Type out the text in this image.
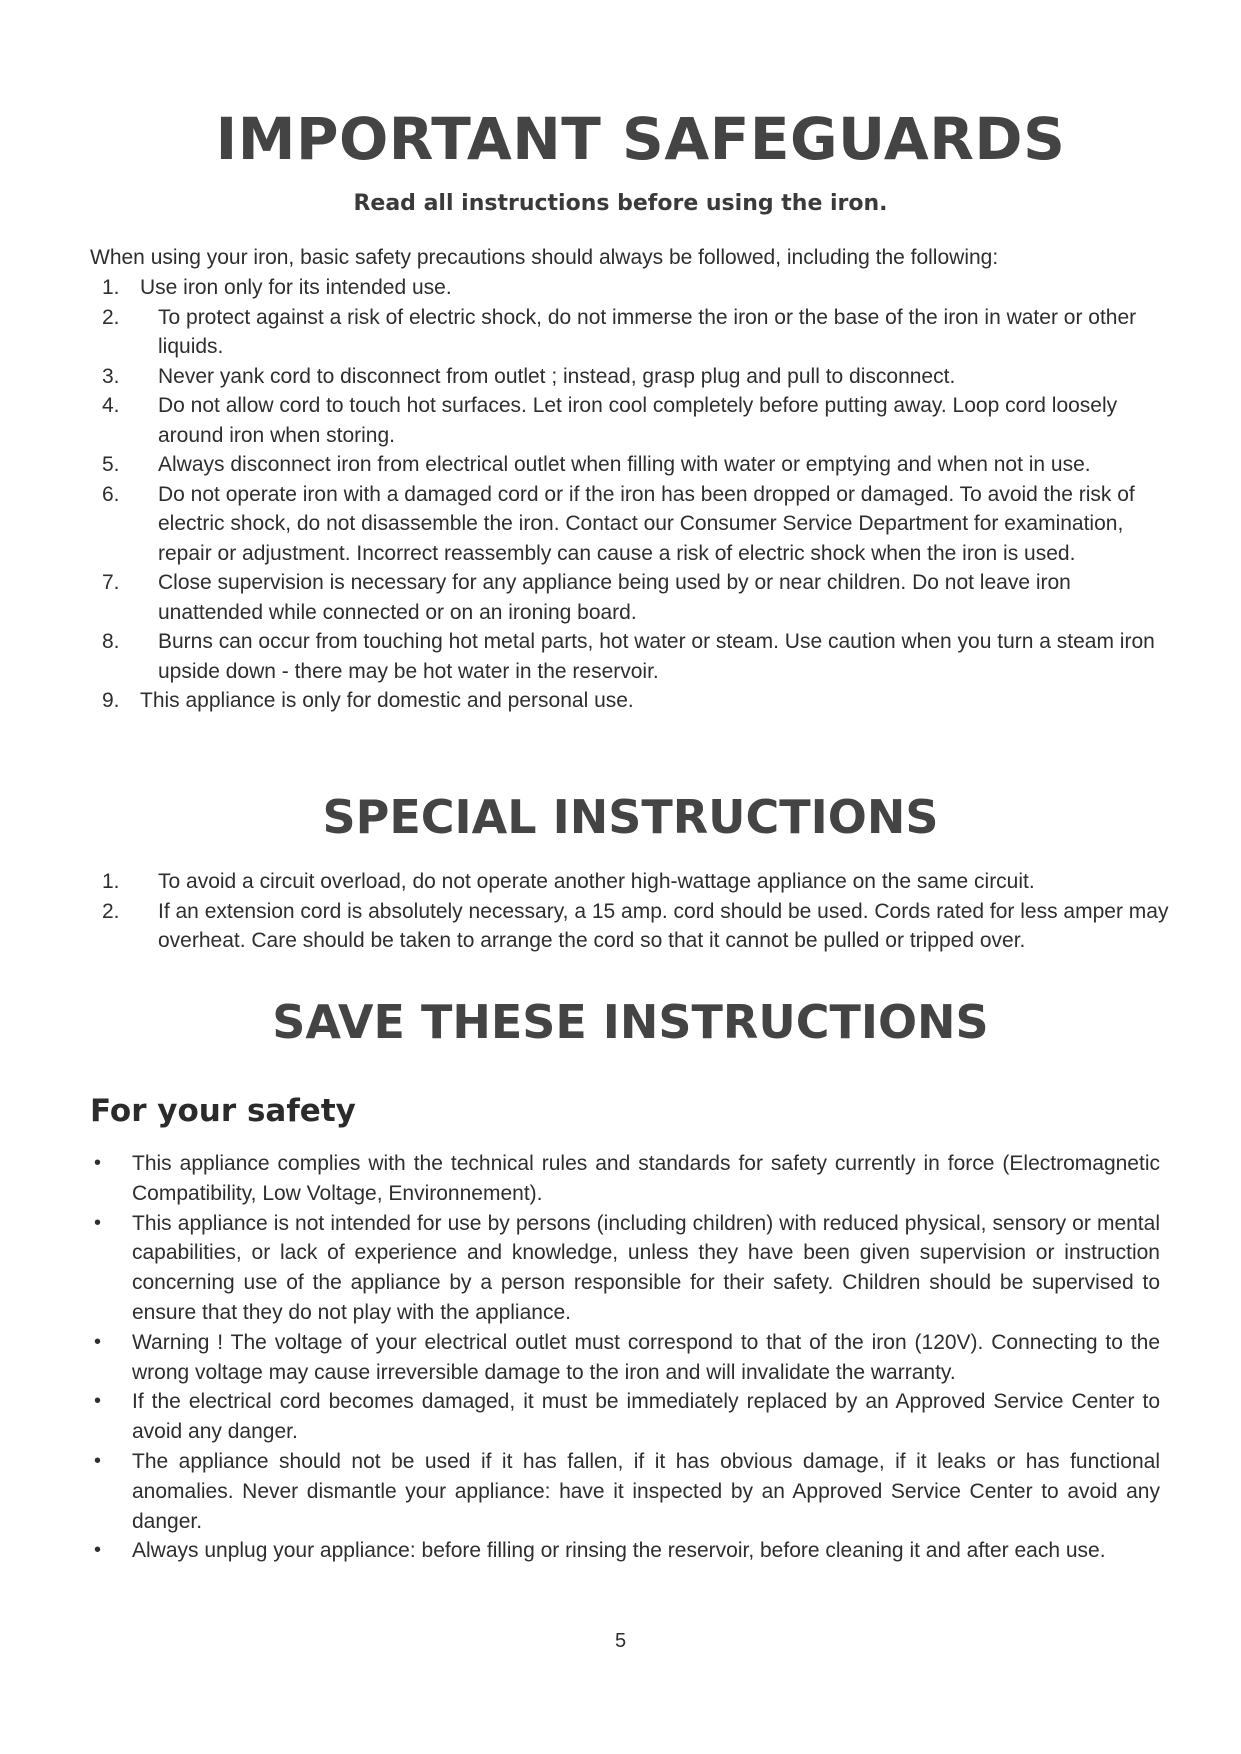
IMPORTANT SAFEGUARDS
Read all instructions before using the iron.
When using your iron, basic safety precautions should always be followed, including the following:
1. Use iron only for its intended use.
2. To protect against a risk of electric shock, do not immerse the iron or the base of the iron in water or other liquids.
3. Never yank cord to disconnect from outlet ; instead, grasp plug and pull to disconnect.
4. Do not allow cord to touch hot surfaces. Let iron cool completely before putting away. Loop cord loosely around iron when storing.
5. Always disconnect iron from electrical outlet when filling with water or emptying and when not in use.
6. Do not operate iron with a damaged cord or if the iron has been dropped or damaged. To avoid the risk of electric shock, do not disassemble the iron. Contact our Consumer Service Department for examination, repair or adjustment. Incorrect reassembly can cause a risk of electric shock when the iron is used.
7. Close supervision is necessary for any appliance being used by or near children. Do not leave iron unattended while connected or on an ironing board.
8. Burns can occur from touching hot metal parts, hot water or steam. Use caution when you turn a steam iron upside down - there may be hot water in the reservoir.
9. This appliance is only for domestic and personal use.
SPECIAL INSTRUCTIONS
1. To avoid a circuit overload, do not operate another high-wattage appliance on the same circuit.
2. If an extension cord is absolutely necessary, a 15 amp. cord should be used. Cords rated for less amper may overheat. Care should be taken to arrange the cord so that it cannot be pulled or tripped over.
SAVE THESE INSTRUCTIONS
For your safety
• This appliance complies with the technical rules and standards for safety currently in force (Electromagnetic Compatibility, Low Voltage, Environnement).
• This appliance is not intended for use by persons (including children) with reduced physical, sensory or mental capabilities, or lack of experience and knowledge, unless they have been given supervision or instruction concerning use of the appliance by a person responsible for their safety. Children should be supervised to ensure that they do not play with the appliance.
• Warning ! The voltage of your electrical outlet must correspond to that of the iron (120V). Connecting to the wrong voltage may cause irreversible damage to the iron and will invalidate the warranty.
• If the electrical cord becomes damaged, it must be immediately replaced by an Approved Service Center to avoid any danger.
• The appliance should not be used if it has fallen, if it has obvious damage, if it leaks or has functional anomalies. Never dismantle your appliance: have it inspected by an Approved Service Center to avoid any danger.
• Always unplug your appliance: before filling or rinsing the reservoir, before cleaning it and after each use.
5
